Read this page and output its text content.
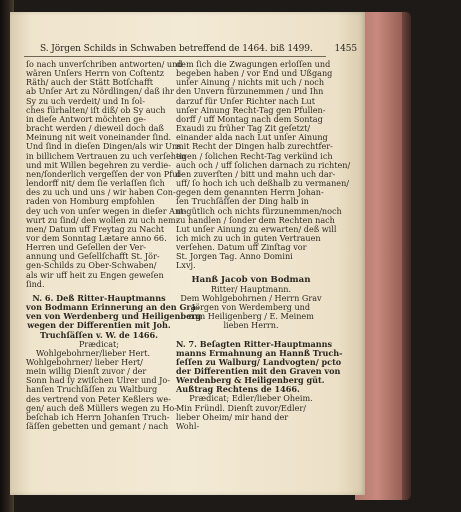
S. Jörgen Schilds in Schwaben betreffend de 1464. biß 1499. 1455

ſo nach unverſchriben antworten/ und

wären Unſers Herrn von Coſtentz

Räth/ auch der Stätt Botſchafft

ab Unſer Art zu Nördlingen/ daß ihr

Sy zu uch verdeit/ und In ſol-

ches fürhalten/ iſt diß/ ob Sy auch

in dieſe Antwort möchten ge-

bracht werden / dieweil doch daß

Meinung nit weit voneinander ſind.

Und ſind in dieſen Dingen/als wir Uns

in billichem Vertrauen zu uch verſehen

und mit Willen begehren zu verdie-

nen/ſonderlich vergeſſen der von Pful-

lendorff nit/ dem ſie verlaſſen ſich

des zu uch und uns / wir haben Con-

raden von Homburg empfohlen

dey uch von unſer wegen in dieſer Ant-

wurt zu ſind/ den wollen zu uch nem-

men/ Datum uff Freytag zu Nacht

vor dem Sonntag Lætare anno 66.

Herren und Geſellen der Ver-

annung und Geſellſchafft St. Jör-

gen-Schilds zu Ober-Schwaben/

als wir uff heit zu Engen geweſen

ſind.

N. 6. Deß Ritter-Hauptmanns

von Bodmann Erinnerung an den Gra-

ven von Werdenberg und Heiligenberg

wegen der Differentien mit Joh.

Truchſäſſen v. W. de 1466.

Prædicat;

Wohlgebohrner/lieber Hert.

Wohlgebohrner/ lieber Hert/

mein willig Dienſt zuvor / der

Sonn had ſy zwiſchen Ulrer und Jo-

hanſen Truchſäſſen zu Waltburg

des vertrend von Peter Keßlers we-

gen/ auch deß Müllers wegen zu Ho-

beſchab ich Herrn Johanſen Truch-

ſäſſen gebetten und gemant / nach

dem ſich die Zwagungen erloſſen und

begeben haben / vor End und Ußgang

unſer Ainung / nichts mit uch / noch

den Unvern fürzunemmen / und Ihn

darzuf für Unſer Richter nach Lut

unſer Ainung Recht-Tag gen Pfullen-

dorff / uff Montag nach dem Sontag

Exaudi zu früher Tag Zit geſetzt/

einander alda nach Lut unſer Ainung

mit Recht der Dingen halb zurechtfer-

tigen / ſolichen Recht-Tag verkünd ich

auch och / uff ſolichen darnach zu richten/

den zuverſten / bitt und mahn uch dar-

uff/ ſo hoch ich uch deßhalb zu vermanen/

gegen dem genannten Herrn Johan-

ſen Truchſäſſen der Ding halb in

ungütlich och nichts fürzunemmen/noch

zu handlen / ſonder dem Rechten nach

Lut unſer Ainung zu erwarten/ deß will

ich mich zu uch in guten Vertrauen

verſehen. Datum uff Zinſtag vor

St. Jorgen Tag. Anno Domini

Lxvj.

Hanß Jacob von Bodman

Ritter/ Hauptmann.

Dem Wohlgebohrnen / Herrn Grav

Jörgen von Werdemberg und

zum Heiligenberg / E. Meinem

lieben Herrn.

N. 7. Beſagten Ritter-Hauptmanns

manns Ermahnung an Hannß Truch-

ſeſſen zu Walburg/ Landvogten/ pcto

der Differentien mit den Graven von

Werdenberg & Heiligenberg güt.

Außtrag Rechtens de 1466.

Prædicat; Edler/lieber Oheim.

Min Fründl. Dienſt zuvor/Edler/

lieber Oheim/ mir hand der

Wohl-
